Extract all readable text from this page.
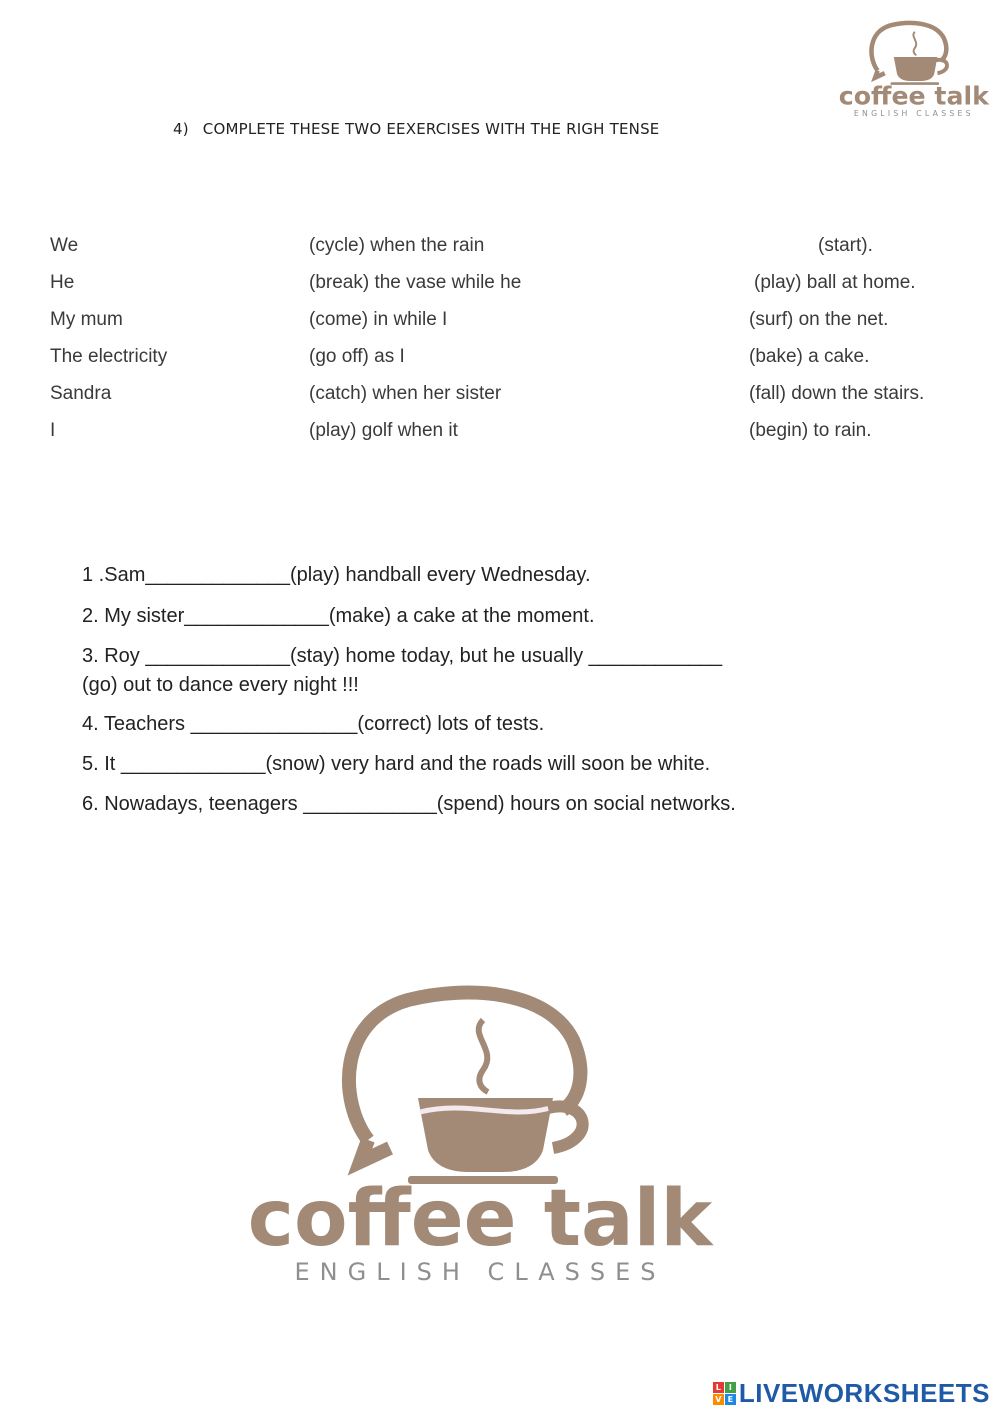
coffee talk
ENGLISH CLASSES
4) COMPLETE THESE TWO EEXERCISES WITH THE RIGH TENSE
We	(cycle) when the rain	(start).
He	(break) the vase while he	(play) ball at home.
My mum	(come) in while I	(surf) on the net.
The electricity	(go off) as I	(bake) a cake.
Sandra	(catch) when her sister	(fall) down the stairs.
I	(play) golf when it	(begin) to rain.
1 .Sam_____________(play) handball every Wednesday.
2. My sister_____________(make) a cake at the moment.
3. Roy _____________(stay) home today, but he usually ____________
(go) out to dance every night !!!
4. Teachers _______________(correct) lots of tests.
5. It _____________(snow) very hard and the roads will soon be white.
6. Nowadays, teenagers ____________(spend) hours on social networks.
coffee talk
ENGLISH CLASSES
L I
V E LIVEWORKSHEETS
